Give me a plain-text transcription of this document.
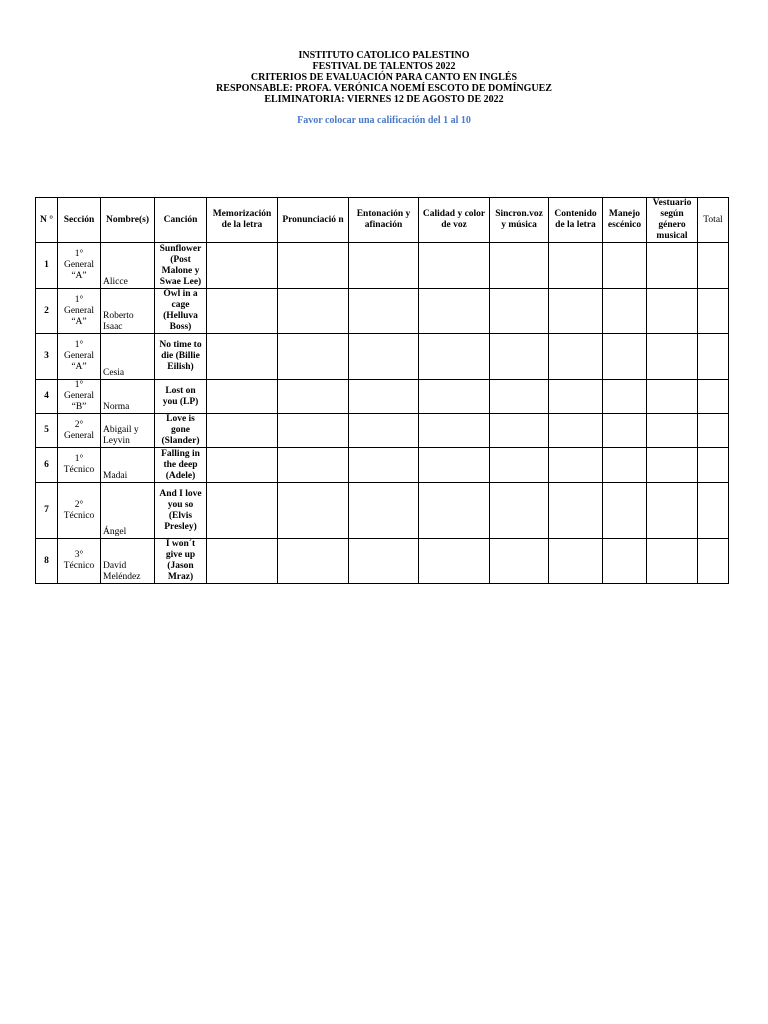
INSTITUTO CATOLICO PALESTINO
FESTIVAL DE TALENTOS 2022
CRITERIOS DE EVALUACIÓN PARA CANTO EN INGLÉS
RESPONSABLE: PROFA. VERÓNICA NOEMÍ ESCOTO DE DOMÍNGUEZ
ELIMINATORIA: VIERNES 12 DE AGOSTO DE 2022
Favor colocar una calificación del 1 al 10
N °	Sección	Nombre(s)	Canción	Memorización de la letra	Pronunciació n	Entonación y afinación	Calidad y color de voz	Sincron.voz y música	Contenido de la letra	Manejo escénico	Vestuario según género musical	Total
1	1° General “A”	Alicce	Sunflower (Post Malone y Swae Lee)									
2	1° General “A”	Roberto Isaac	Owl in a cage (Helluva Boss)									
3	1° General “A”	Cesia	No time to die (Billie Eilish)									
4	1° General “B”	Norma	Lost on you (LP)									
5	2° General	Abigail y Leyvin	Love is gone (Slander)									
6	1° Técnico	Madai	Falling in the deep (Adele)									
7	2° Técnico	Ángel	And I love you so (Elvis Presley)									
8	3° Técnico	David Meléndez	I won´t give up (Jason Mraz)									
